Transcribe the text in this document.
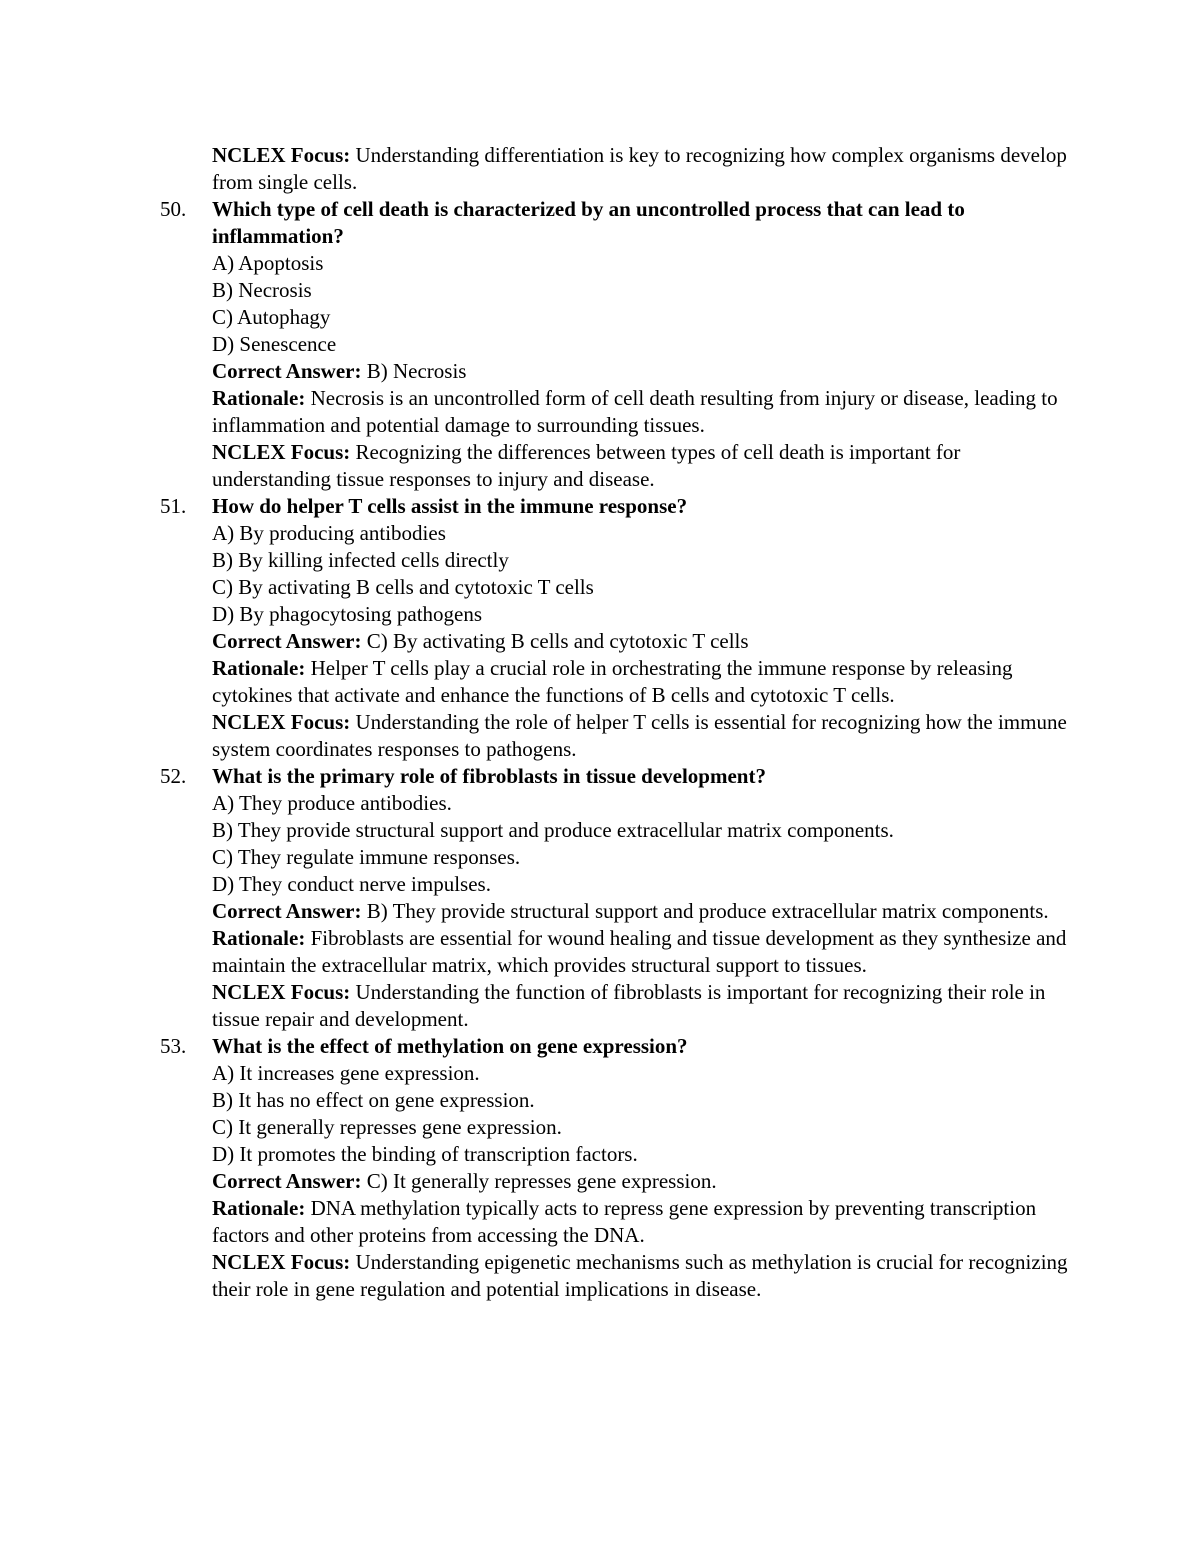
NCLEX Focus: Understanding differentiation is key to recognizing how complex organisms develop from single cells.
50. Which type of cell death is characterized by an uncontrolled process that can lead to inflammation?
A) Apoptosis
B) Necrosis
C) Autophagy
D) Senescence
Correct Answer: B) Necrosis
Rationale: Necrosis is an uncontrolled form of cell death resulting from injury or disease, leading to inflammation and potential damage to surrounding tissues.
NCLEX Focus: Recognizing the differences between types of cell death is important for understanding tissue responses to injury and disease.
51. How do helper T cells assist in the immune response?
A) By producing antibodies
B) By killing infected cells directly
C) By activating B cells and cytotoxic T cells
D) By phagocytosing pathogens
Correct Answer: C) By activating B cells and cytotoxic T cells
Rationale: Helper T cells play a crucial role in orchestrating the immune response by releasing cytokines that activate and enhance the functions of B cells and cytotoxic T cells.
NCLEX Focus: Understanding the role of helper T cells is essential for recognizing how the immune system coordinates responses to pathogens.
52. What is the primary role of fibroblasts in tissue development?
A) They produce antibodies.
B) They provide structural support and produce extracellular matrix components.
C) They regulate immune responses.
D) They conduct nerve impulses.
Correct Answer: B) They provide structural support and produce extracellular matrix components.
Rationale: Fibroblasts are essential for wound healing and tissue development as they synthesize and maintain the extracellular matrix, which provides structural support to tissues.
NCLEX Focus: Understanding the function of fibroblasts is important for recognizing their role in tissue repair and development.
53. What is the effect of methylation on gene expression?
A) It increases gene expression.
B) It has no effect on gene expression.
C) It generally represses gene expression.
D) It promotes the binding of transcription factors.
Correct Answer: C) It generally represses gene expression.
Rationale: DNA methylation typically acts to repress gene expression by preventing transcription factors and other proteins from accessing the DNA.
NCLEX Focus: Understanding epigenetic mechanisms such as methylation is crucial for recognizing their role in gene regulation and potential implications in disease.
